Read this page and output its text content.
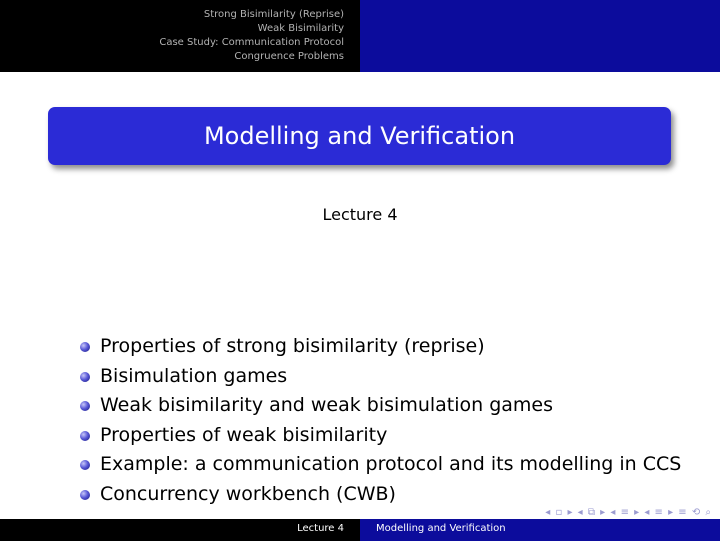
Strong Bisimilarity (Reprise)
Weak Bisimilarity
Case Study: Communication Protocol
Congruence Problems
Modelling and Verification
Lecture 4
Properties of strong bisimilarity (reprise)
Bisimulation games
Weak bisimilarity and weak bisimulation games
Properties of weak bisimilarity
Example: a communication protocol and its modelling in CCS
Concurrency workbench (CWB)
◂ ▫ ▸ ◂ ⧉ ▸ ◂ ≡ ▸ ◂ ≡ ▸ ≡ ⟲ ⌕
Lecture 4	Modelling and Verification
